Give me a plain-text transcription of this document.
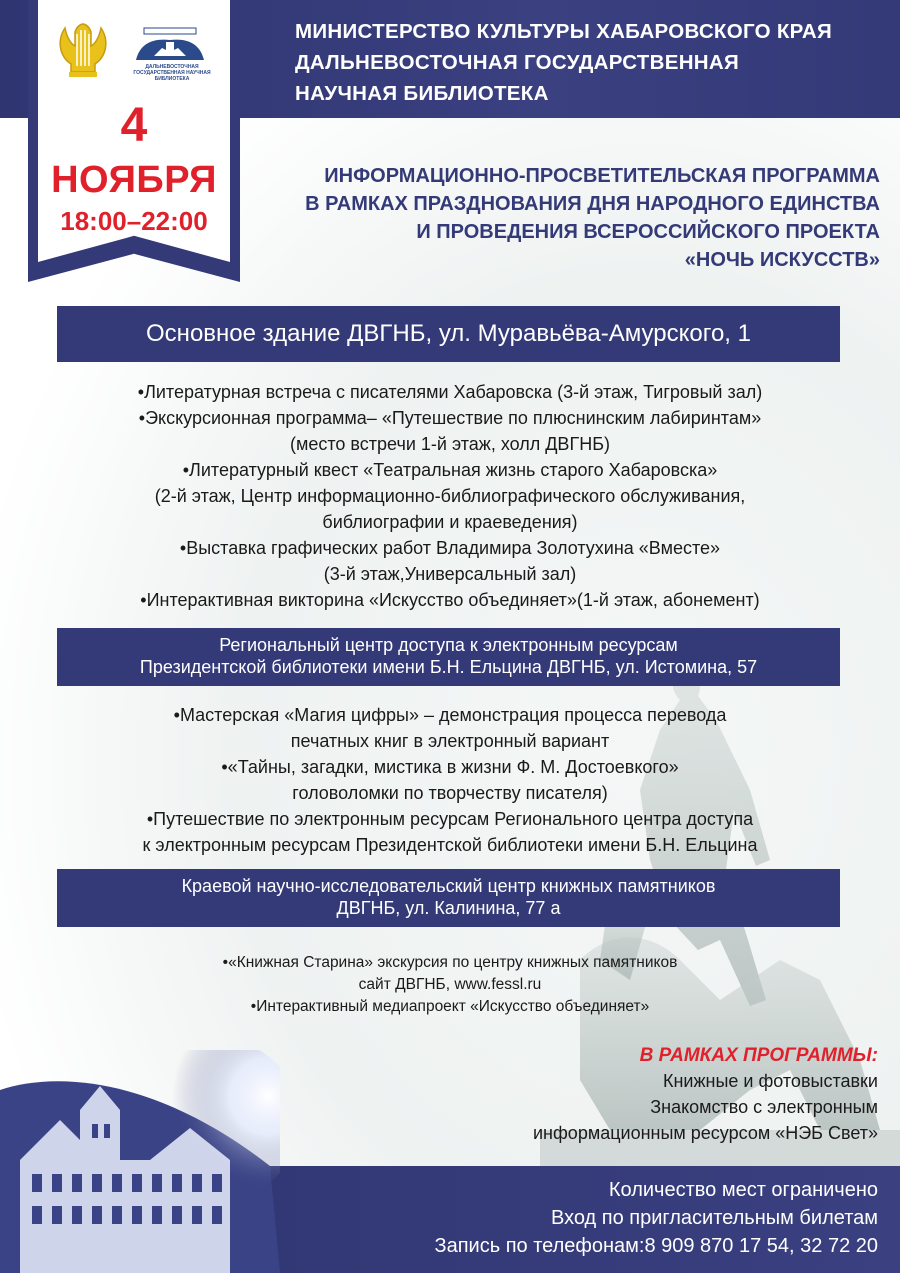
ДАЛЬНЕВОСТОЧНАЯ ГОСУДАРСТВЕННАЯ НАУЧНАЯ БИБЛИОТЕКА
МИНИСТЕРСТВО КУЛЬТУРЫ ХАБАРОВСКОГО КРАЯ
ДАЛЬНЕВОСТОЧНАЯ ГОСУДАРСТВЕННАЯ
НАУЧНАЯ БИБЛИОТЕКА
4
НОЯБРЯ
18:00–22:00
ИНФОРМАЦИОННО-ПРОСВЕТИТЕЛЬСКАЯ ПРОГРАММА
В РАМКАХ ПРАЗДНОВАНИЯ ДНЯ НАРОДНОГО ЕДИНСТВА
И ПРОВЕДЕНИЯ ВСЕРОССИЙСКОГО ПРОЕКТА
«НОЧЬ ИСКУССТВ»
Основное здание ДВГНБ, ул. Муравьёва-Амурского, 1
•Литературная встреча с писателями Хабаровска (3-й этаж, Тигровый зал)
•Экскурсионная программа– «Путешествие по плюснинским лабиринтам»
(место встречи 1-й этаж, холл ДВГНБ)
•Литературный квест «Театральная жизнь старого Хабаровска»
(2-й этаж, Центр информационно-библиографического обслуживания,
библиографии и краеведения)
•Выставка графических работ Владимира Золотухина «Вместе»
(3-й этаж,Универсальный зал)
•Интерактивная викторина «Искусство объединяет»(1-й этаж, абонемент)
Региональный центр доступа к электронным ресурсам
Президентской библиотеки имени Б.Н. Ельцина ДВГНБ, ул. Истомина, 57
•Мастерская «Магия цифры» – демонстрация процесса перевода
печатных книг в электронный вариант
•«Тайны, загадки, мистика в жизни Ф. М. Достоевкого»
головоломки по творчеству писателя)
•Путешествие по электронным ресурсам Регионального центра доступа
к электронным ресурсам Президентской библиотеки имени Б.Н. Ельцина
Краевой научно-исследовательский центр книжных памятников
ДВГНБ, ул. Калинина, 77 а
•«Книжная Старина» экскурсия по центру книжных памятников
сайт ДВГНБ, www.fessl.ru
•Интерактивный медиапроект «Искусство объединяет»
В РАМКАХ ПРОГРАММЫ:
Книжные и фотовыставки
Знакомство с электронным
информационным ресурсом «НЭБ Свет»
Количество мест ограничено
Вход по пригласительным билетам
Запись по телефонам:8 909 870 17 54, 32 72 20
